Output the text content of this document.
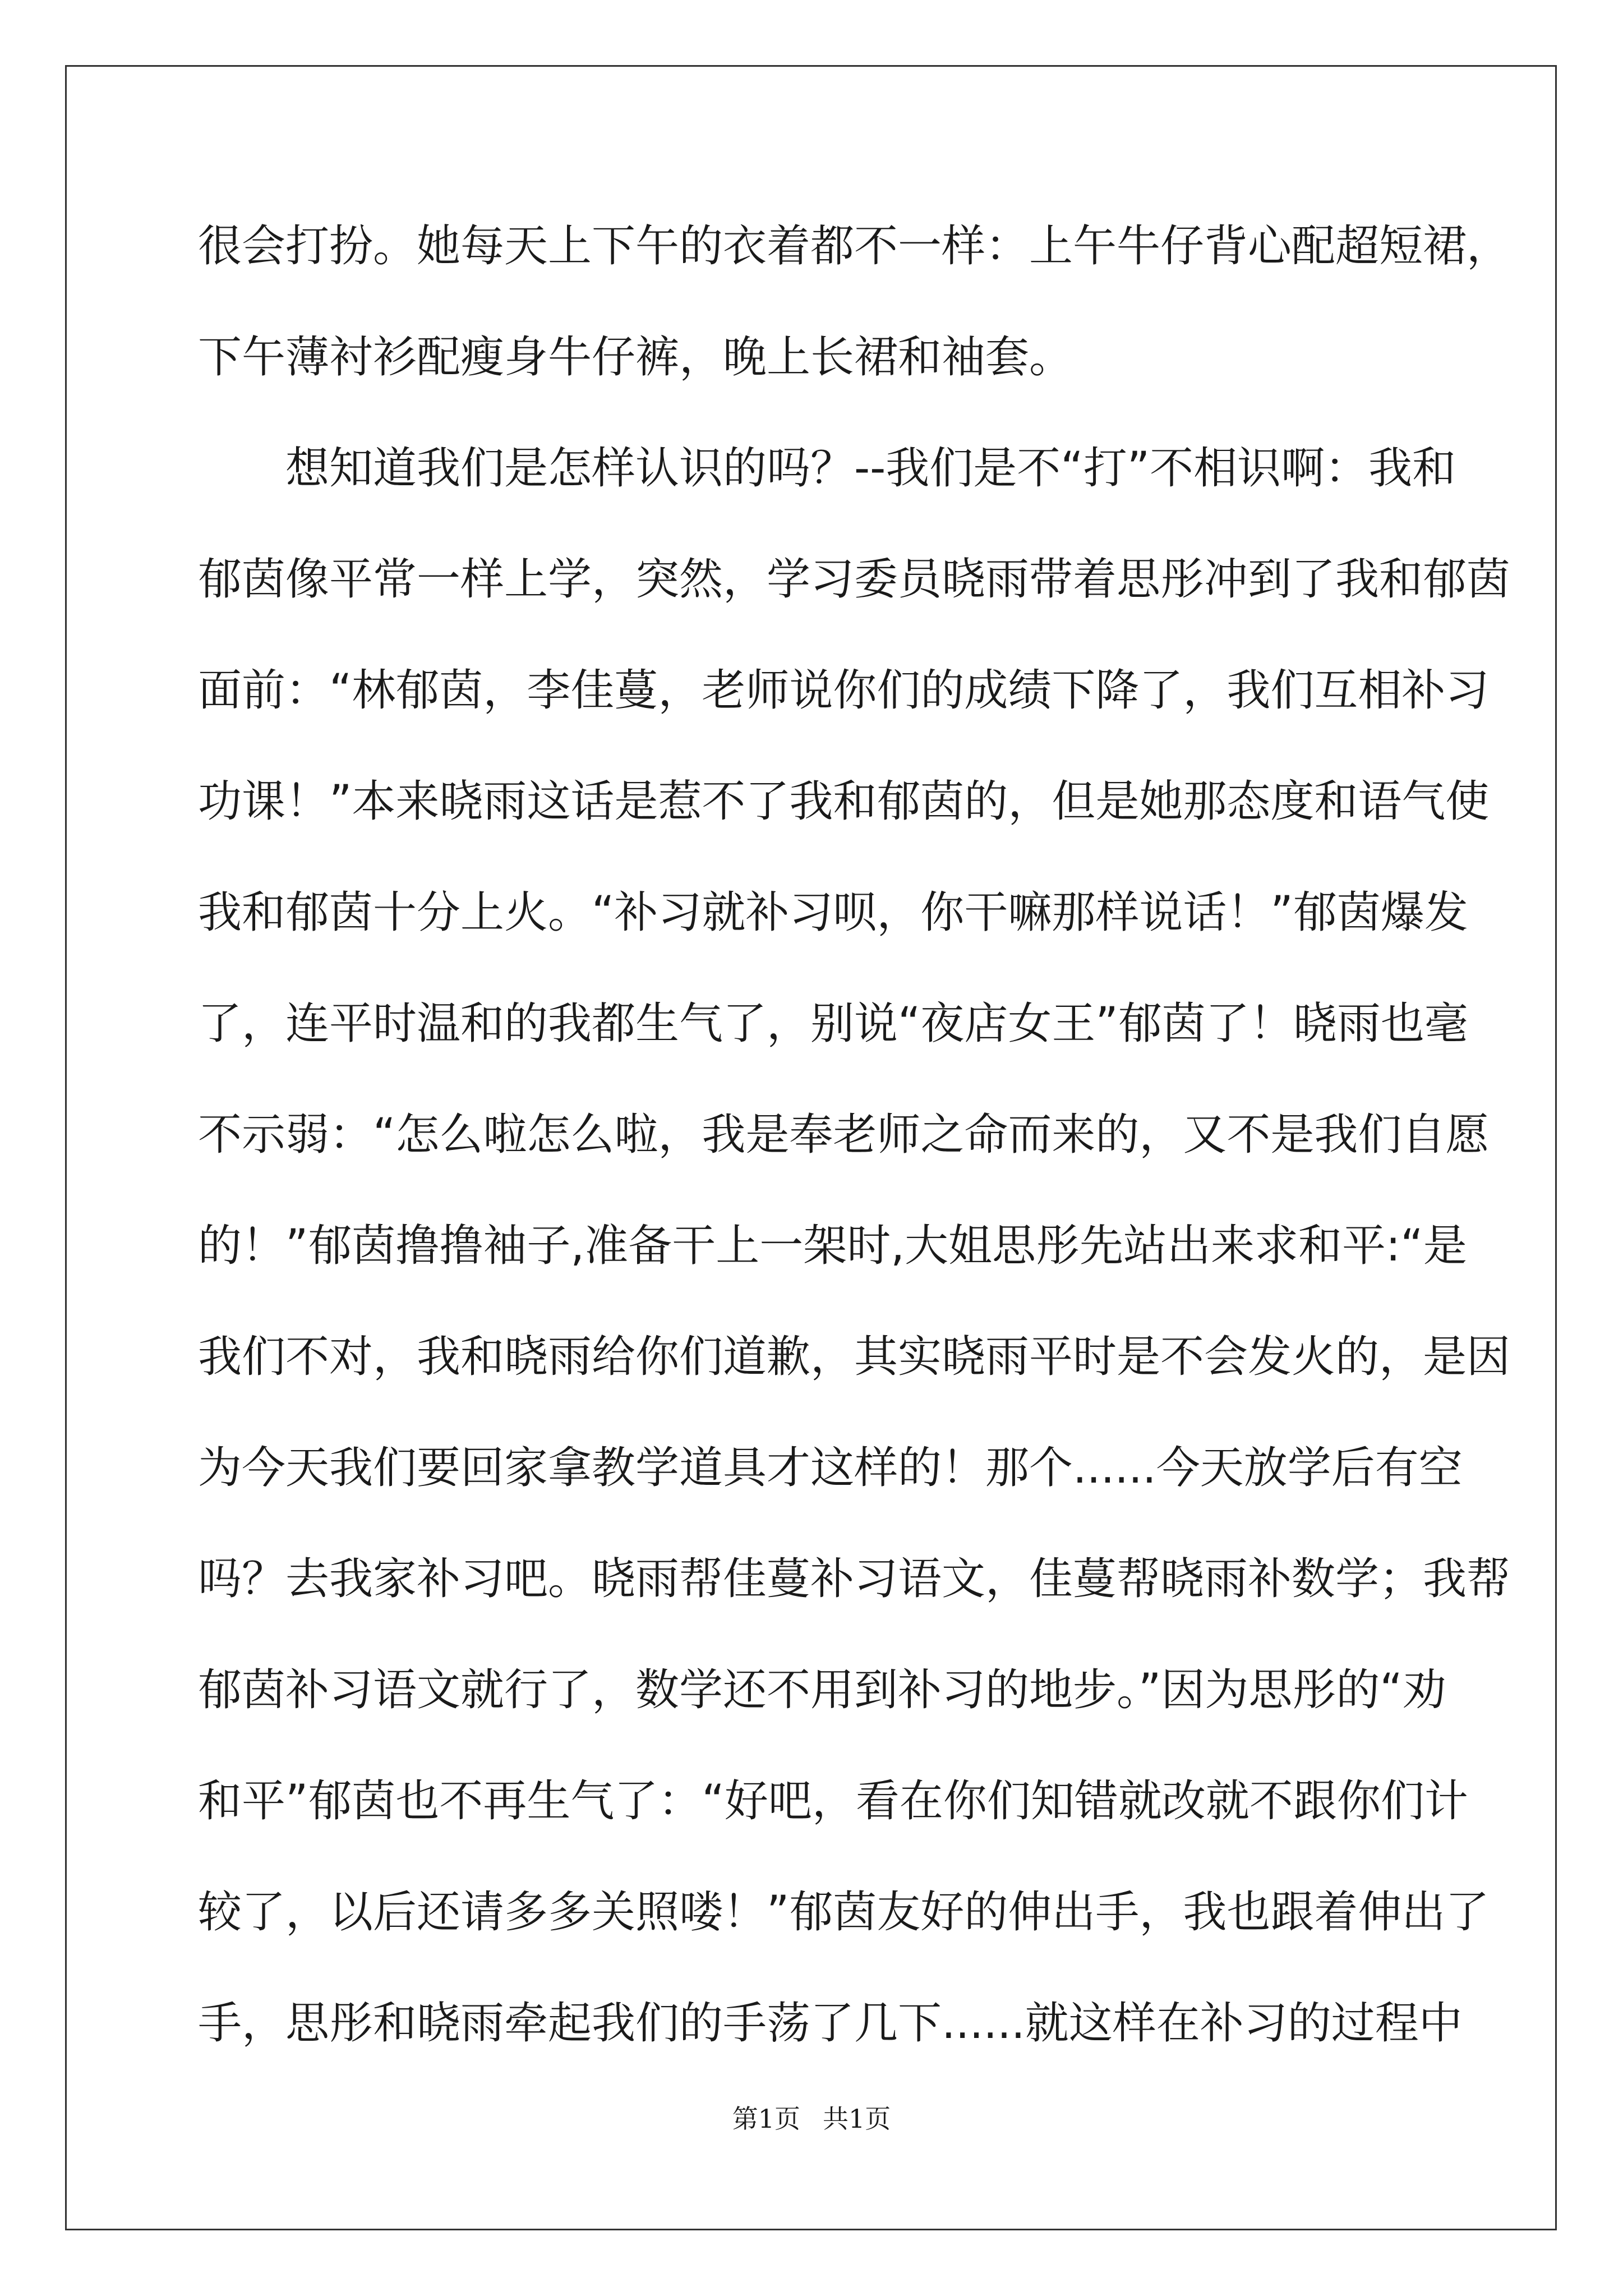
很会打扮。她每天上下午的衣着都不一样：上午牛仔背心配超短裙，
下午薄衬衫配瘦身牛仔裤，晚上长裙和袖套。
　　想知道我们是怎样认识的吗？--我们是不“打”不相识啊：我和
郁茵像平常一样上学，突然，学习委员晓雨带着思彤冲到了我和郁茵
面前：“林郁茵，李佳蔓，老师说你们的成绩下降了，我们互相补习
功课！”本来晓雨这话是惹不了我和郁茵的，但是她那态度和语气使
我和郁茵十分上火。“补习就补习呗，你干嘛那样说话！”郁茵爆发
了，连平时温和的我都生气了，别说“夜店女王”郁茵了！晓雨也毫
不示弱：“怎么啦怎么啦，我是奉老师之命而来的，又不是我们自愿
的！”郁茵撸撸袖子,准备干上一架时,大姐思彤先站出来求和平:“是
我们不对，我和晓雨给你们道歉，其实晓雨平时是不会发火的，是因
为今天我们要回家拿教学道具才这样的！那个......今天放学后有空
吗？去我家补习吧。晓雨帮佳蔓补习语文，佳蔓帮晓雨补数学；我帮
郁茵补习语文就行了，数学还不用到补习的地步。”因为思彤的“劝
和平”郁茵也不再生气了：“好吧，看在你们知错就改就不跟你们计
较了，以后还请多多关照喽！”郁茵友好的伸出手，我也跟着伸出了
手，思彤和晓雨牵起我们的手荡了几下......就这样在补习的过程中
第1页 共1页
